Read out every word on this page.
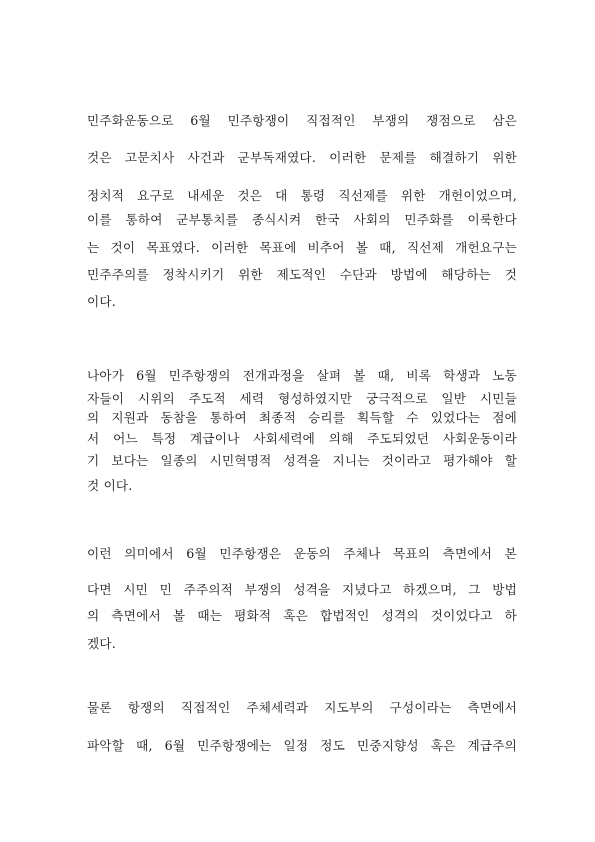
민주화운동으로 6월 민주항쟁이 직접적인 부쟁의 쟁점으로 삼은

것은 고문치사 사건과 군부독재였다. 이러한 문제를 해결하기 위한

정치적 요구로 내세운 것은 대 통령 직선제를 위한 개헌이었으며,

이를 통하여 군부통치를 종식시켜 한국 사회의 민주화를 이룩한다

는 것이 목표였다. 이러한 목표에 비추어 볼 때, 직선제 개헌요구는

민주주의를 정착시키기 위한 제도적인 수단과 방법에 해당하는 것

이다.

나아가 6월 민주항쟁의 전개과정을 살펴 볼 때, 비록 학생과 노동

자들이 시위의 주도적 세력 형성하였지만 궁극적으로 일반 시민들

의 지원과 동참을 통하여 최종적 승리를 획득할 수 있었다는 점에

서 어느 특정 계급이나 사회세력에 의해 주도되었던 사회운동이라

기 보다는 일종의 시민혁명적 성격을 지니는 것이라고 평가해야 할

것 이다.

이런 의미에서 6월 민주항쟁은 운동의 주체나 목표의 측면에서 본

다면 시민 민 주주의적 부쟁의 성격을 지녔다고 하겠으며, 그 방법

의 측면에서 볼 때는 평화적 혹은 합법적인 성격의 것이었다고 하

겠다.

물론 항쟁의 직접적인 주체세력과 지도부의 구성이라는 측면에서

파악할 때, 6월 민주항쟁에는 일정 정도 민중지향성 혹은 계급주의
